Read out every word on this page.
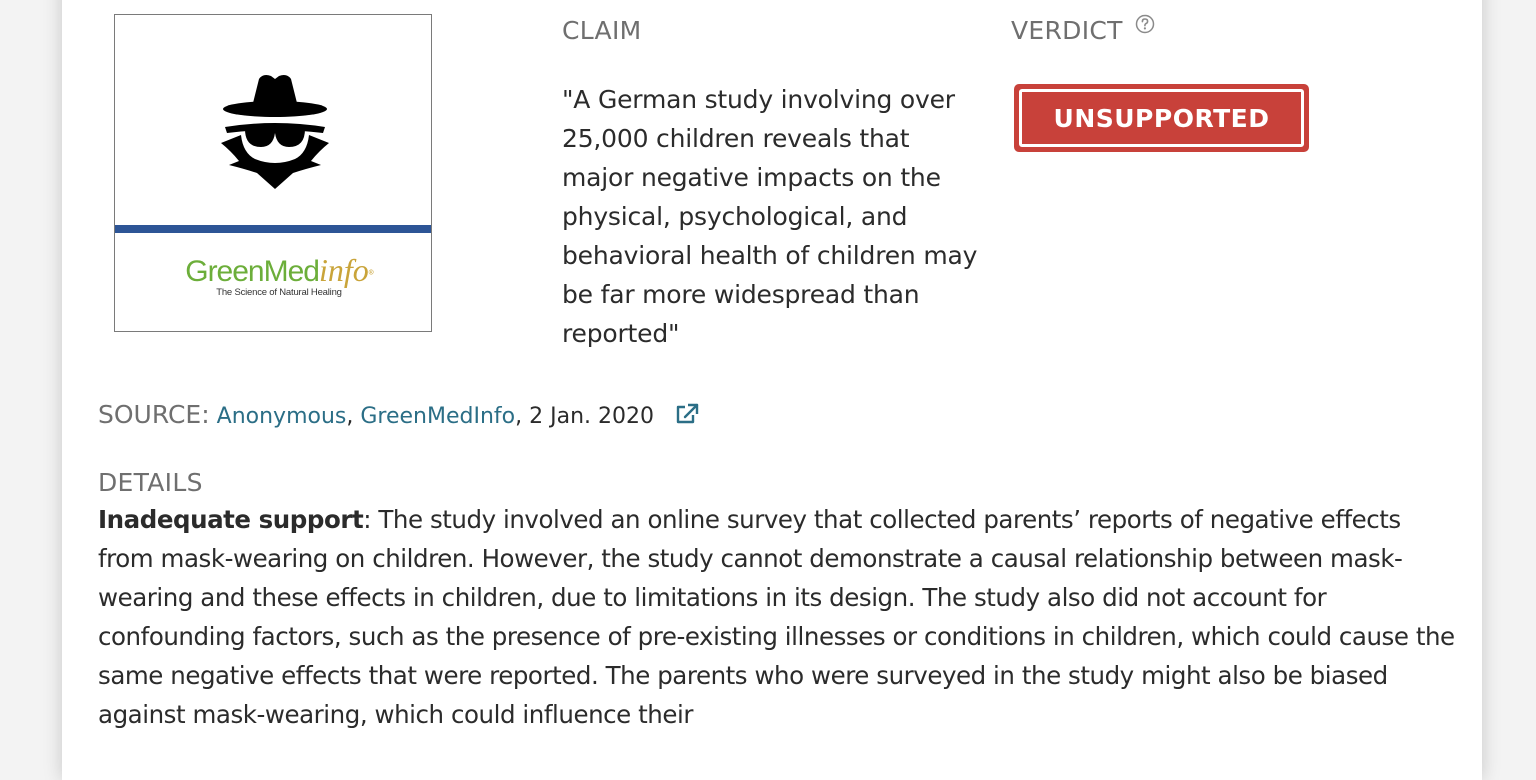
GreenMedinfo ®
The Science of Natural Healing
CLAIM
"A German study involving over 25,000 children reveals that major negative impacts on the physical, psychological, and behavioral health of children may be far more widespread than reported"
VERDICT
UNSUPPORTED
SOURCE: Anonymous, GreenMedInfo, 2 Jan. 2020
DETAILS
Inadequate support: The study involved an online survey that collected parents’ reports of negative effects from mask-wearing on children. However, the study cannot demonstrate a causal relationship between mask-wearing and these effects in children, due to limitations in its design. The study also did not account for confounding factors, such as the presence of pre-existing illnesses or conditions in children, which could cause the same negative effects that were reported. The parents who were surveyed in the study might also be biased against mask-wearing, which could influence their
